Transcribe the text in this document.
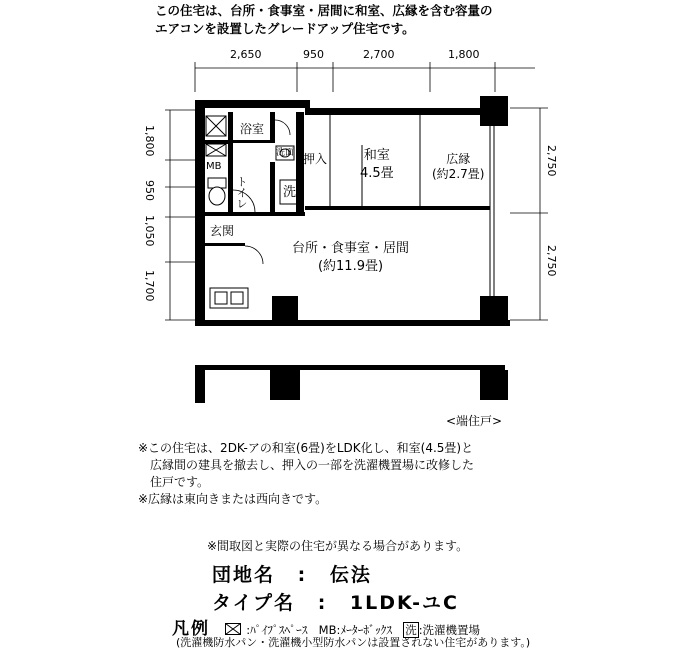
この住宅は、台所・食事室・居間に和室、広縁を含む容量の
エアコンを設置したグレードアップ住宅です。
2,650	950	2,700	1,800
1,800
950
1,050
1,700
2,750
2,750
浴室
洗面
MB
トイレ
押入
洗
玄関
和室
4.5畳
広縁
(約2.7畳)
台所・食事室・居間
(約11.9畳)
<端住戸>
※この住宅は、2DK-アの和室(6畳)をLDK化し、和室(4.5畳)と
広縁間の建具を撤去し、押入の一部を洗濯機置場に改修した
住戸です。
※広縁は東向きまたは西向きです。
※間取図と実際の住宅が異なる場合があります。
団地名 : 伝法
タイプ名 : 1LDK-ユC
凡例	:ﾊﾟｲﾌﾟｽﾍﾟｰｽ MB:ﾒｰﾀｰﾎﾞｯｸｽ 洗 :洗濯機置場
(洗濯機防水パン・洗濯機小型防水パンは設置されない住宅があります。)
